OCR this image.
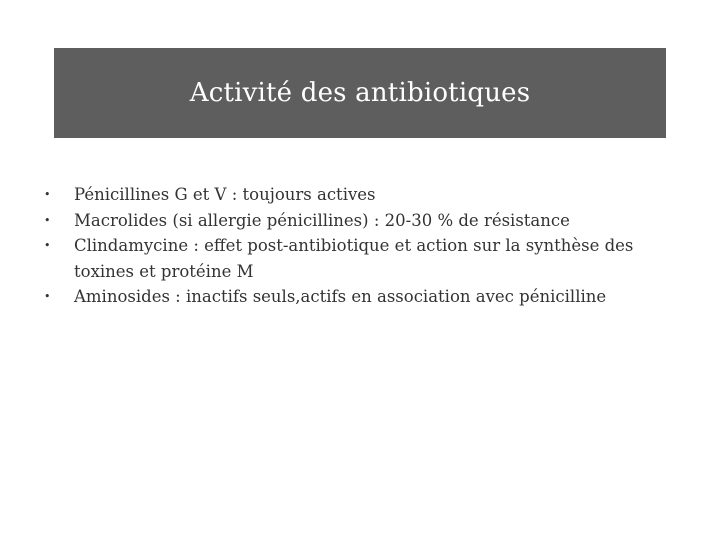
Activité des antibiotiques
•	Pénicillines G et V : toujours actives
•	Macrolides (si allergie pénicillines) : 20-30 % de résistance
•	Clindamycine : effet post-antibiotique et action sur la synthèse des toxines et protéine M
•	Aminosides : inactifs seuls,actifs en association avec pénicilline
